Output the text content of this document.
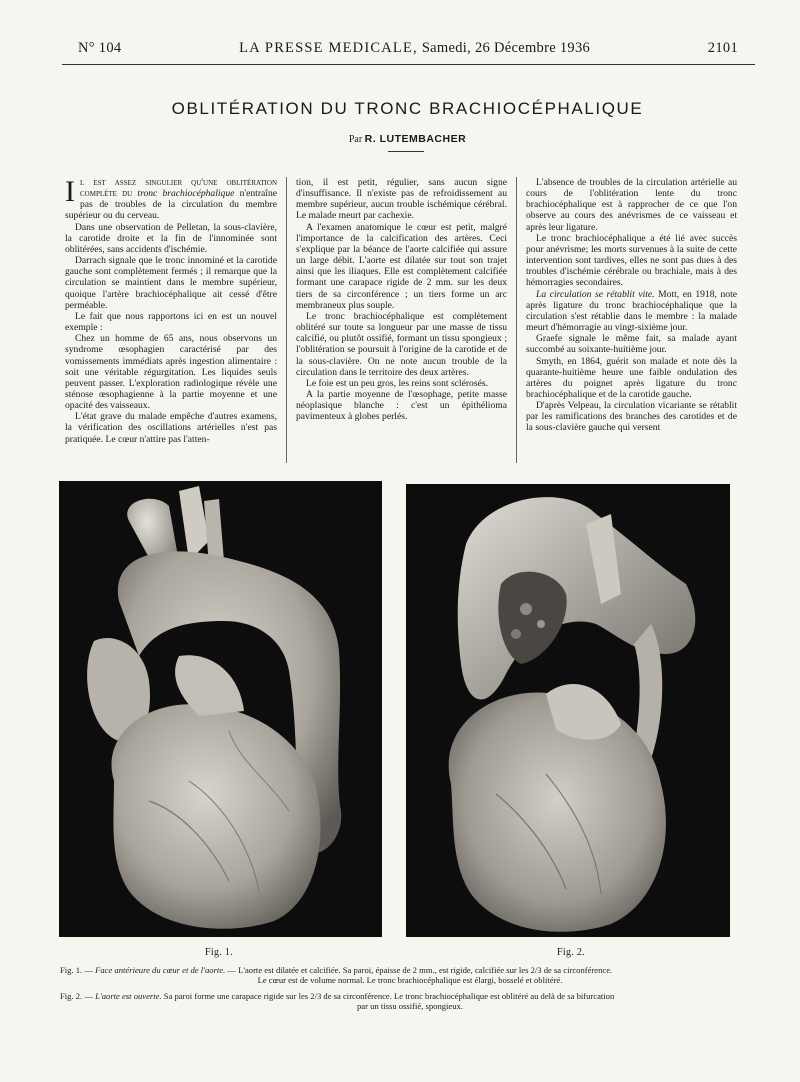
N° 104	LA PRESSE MEDICALE, Samedi, 26 Décembre 1936	2101
OBLITÉRATION DU TRONC BRACHIOCÉPHALIQUE
Par R. LUTEMBACHER

Il est assez singulier qu'une oblitération complète du tronc brachiocéphalique n'entraîne pas de troubles de la circulation du membre supérieur ou du cerveau.

Dans une observation de Pelletan, la sous-clavière, la carotide droite et la fin de l'innominée sont oblitérées, sans accidents d'ischémie.

Darrach signale que le tronc innominé et la carotide gauche sont complètement fermés ; il remarque que la circulation se maintient dans le membre supérieur, quoique l'artère brachiocéphalique ait cessé d'être perméable.

Le fait que nous rapportons ici en est un nouvel exemple :

Chez un homme de 65 ans, nous observons un syndrome œsophagien caractérisé par des vomissements immédiats après ingestion alimentaire : soit une véritable régurgitation. Les liquides seuls peuvent passer. L'exploration radiologique révèle une sténose œsophagienne à la partie moyenne et une opacité des vaisseaux.

L'état grave du malade empêche d'autres examens, la vérification des oscillations artérielles n'est pas pratiquée. Le cœur n'attire pas l'atten-

tion, il est petit, régulier, sans aucun signe d'insuffisance. Il n'existe pas de refroidissement au membre supérieur, aucun trouble ischémique cérébral. Le malade meurt par cachexie.

A l'examen anatomique le cœur est petit, malgré l'importance de la calcification des artères. Ceci s'explique par la béance de l'aorte calcifiée qui assure un large débit. L'aorte est dilatée sur tout son trajet ainsi que les iliaques. Elle est complètement calcifiée formant une carapace rigide de 2 mm. sur les deux tiers de sa circonférence ; un tiers forme un arc membraneux plus souple.

Le tronc brachiocéphalique est complètement oblitéré sur toute sa longueur par une masse de tissu calcifié, ou plutôt ossifié, formant un tissu spongieux ; l'oblitération se poursuit à l'origine de la carotide et de la sous-clavière. On ne note aucun trouble de la circulation dans le territoire des deux artères.

Le foie est un peu gros, les reins sont sclérosés.

A la partie moyenne de l'œsophage, petite masse néoplasique blanche : c'est un épithélioma pavimenteux à globes perlés.

L'absence de troubles de la circulation artérielle au cours de l'oblitération lente du tronc brachiocéphalique est à rapprocher de ce que l'on observe au cours des anévrismes de ce vaisseau et après leur ligature.

Le tronc brachiocéphalique a été lié avec succès pour anévrisme; les morts survenues à la suite de cette intervention sont tardives, elles ne sont pas dues à des troubles d'ischémie cérébrale ou brachiale, mais à des hémorragies secondaires.

La circulation se rétablit vite. Mott, en 1918, note après ligature du tronc brachiocéphalique que la circulation s'est rétablie dans le membre : la malade meurt d'hémorragie au vingt-sixième jour.

Graefe signale le même fait, sa malade ayant succombé au soixante-huitième jour.

Smyth, en 1864, guérit son malade et note dès la quarante-huitième heure une faible ondulation des artères du poignet après ligature du tronc brachiocéphalique et de la carotide gauche.

D'après Velpeau, la circulation vicariante se rétablit par les ramifications des branches des carotides et de la sous-clavière gauche qui versent

Fig. 1.	Fig. 2.
Fig. 1. — Face antérieure du cœur et de l'aorte. — L'aorte est dilatée et calcifiée. Sa paroi, épaisse de 2 mm., est rigide, calcifiée sur les 2/3 de sa circonférence.
Le cœur est de volume normal. Le tronc brachiocéphalique est élargi, bosselé et oblitéré.
Fig. 2. — L'aorte est ouverte. Sa paroi forme une carapace rigide sur les 2/3 de sa circonférence. Le tronc brachiocéphalique est oblitéré au delà de sa bifurcation
par un tissu ossifié, spongieux.
